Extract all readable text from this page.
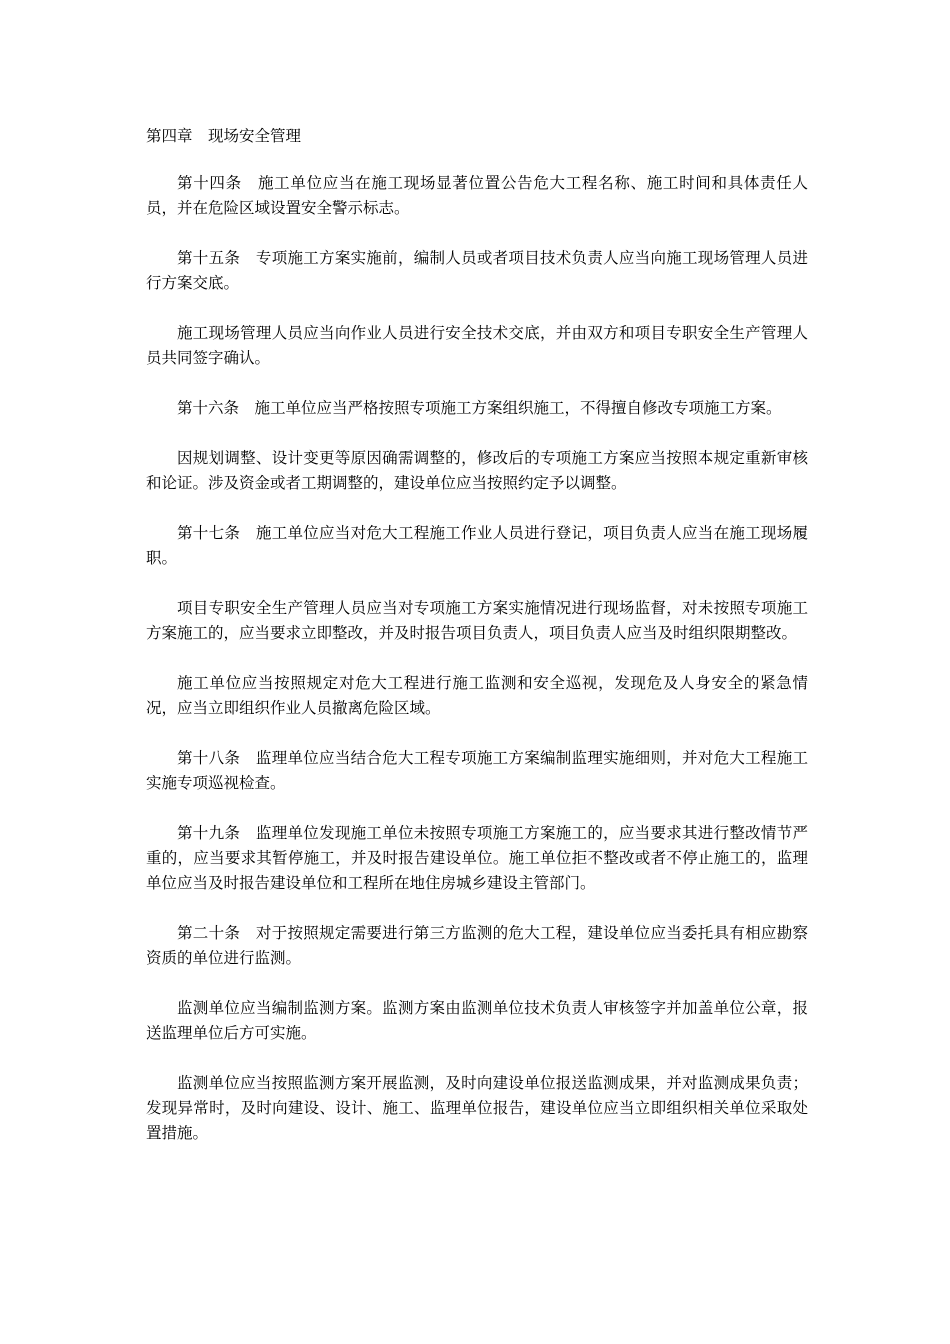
第四章　现场安全管理

第十四条　施工单位应当在施工现场显著位置公告危大工程名称、施工时间和具体责任人员，并在危险区域设置安全警示标志。

第十五条　专项施工方案实施前，编制人员或者项目技术负责人应当向施工现场管理人员进行方案交底。

施工现场管理人员应当向作业人员进行安全技术交底，并由双方和项目专职安全生产管理人员共同签字确认。

第十六条　施工单位应当严格按照专项施工方案组织施工，不得擅自修改专项施工方案。

因规划调整、设计变更等原因确需调整的，修改后的专项施工方案应当按照本规定重新审核和论证。涉及资金或者工期调整的，建设单位应当按照约定予以调整。

第十七条　施工单位应当对危大工程施工作业人员进行登记，项目负责人应当在施工现场履职。

项目专职安全生产管理人员应当对专项施工方案实施情况进行现场监督，对未按照专项施工方案施工的，应当要求立即整改，并及时报告项目负责人，项目负责人应当及时组织限期整改。

施工单位应当按照规定对危大工程进行施工监测和安全巡视，发现危及人身安全的紧急情况，应当立即组织作业人员撤离危险区域。

第十八条　监理单位应当结合危大工程专项施工方案编制监理实施细则，并对危大工程施工实施专项巡视检查。

第十九条　监理单位发现施工单位未按照专项施工方案施工的，应当要求其进行整改情节严重的，应当要求其暂停施工，并及时报告建设单位。施工单位拒不整改或者不停止施工的，监理单位应当及时报告建设单位和工程所在地住房城乡建设主管部门。

第二十条　对于按照规定需要进行第三方监测的危大工程，建设单位应当委托具有相应勘察资质的单位进行监测。

监测单位应当编制监测方案。监测方案由监测单位技术负责人审核签字并加盖单位公章，报送监理单位后方可实施。

监测单位应当按照监测方案开展监测，及时向建设单位报送监测成果，并对监测成果负责；发现异常时，及时向建设、设计、施工、监理单位报告，建设单位应当立即组织相关单位采取处置措施。
